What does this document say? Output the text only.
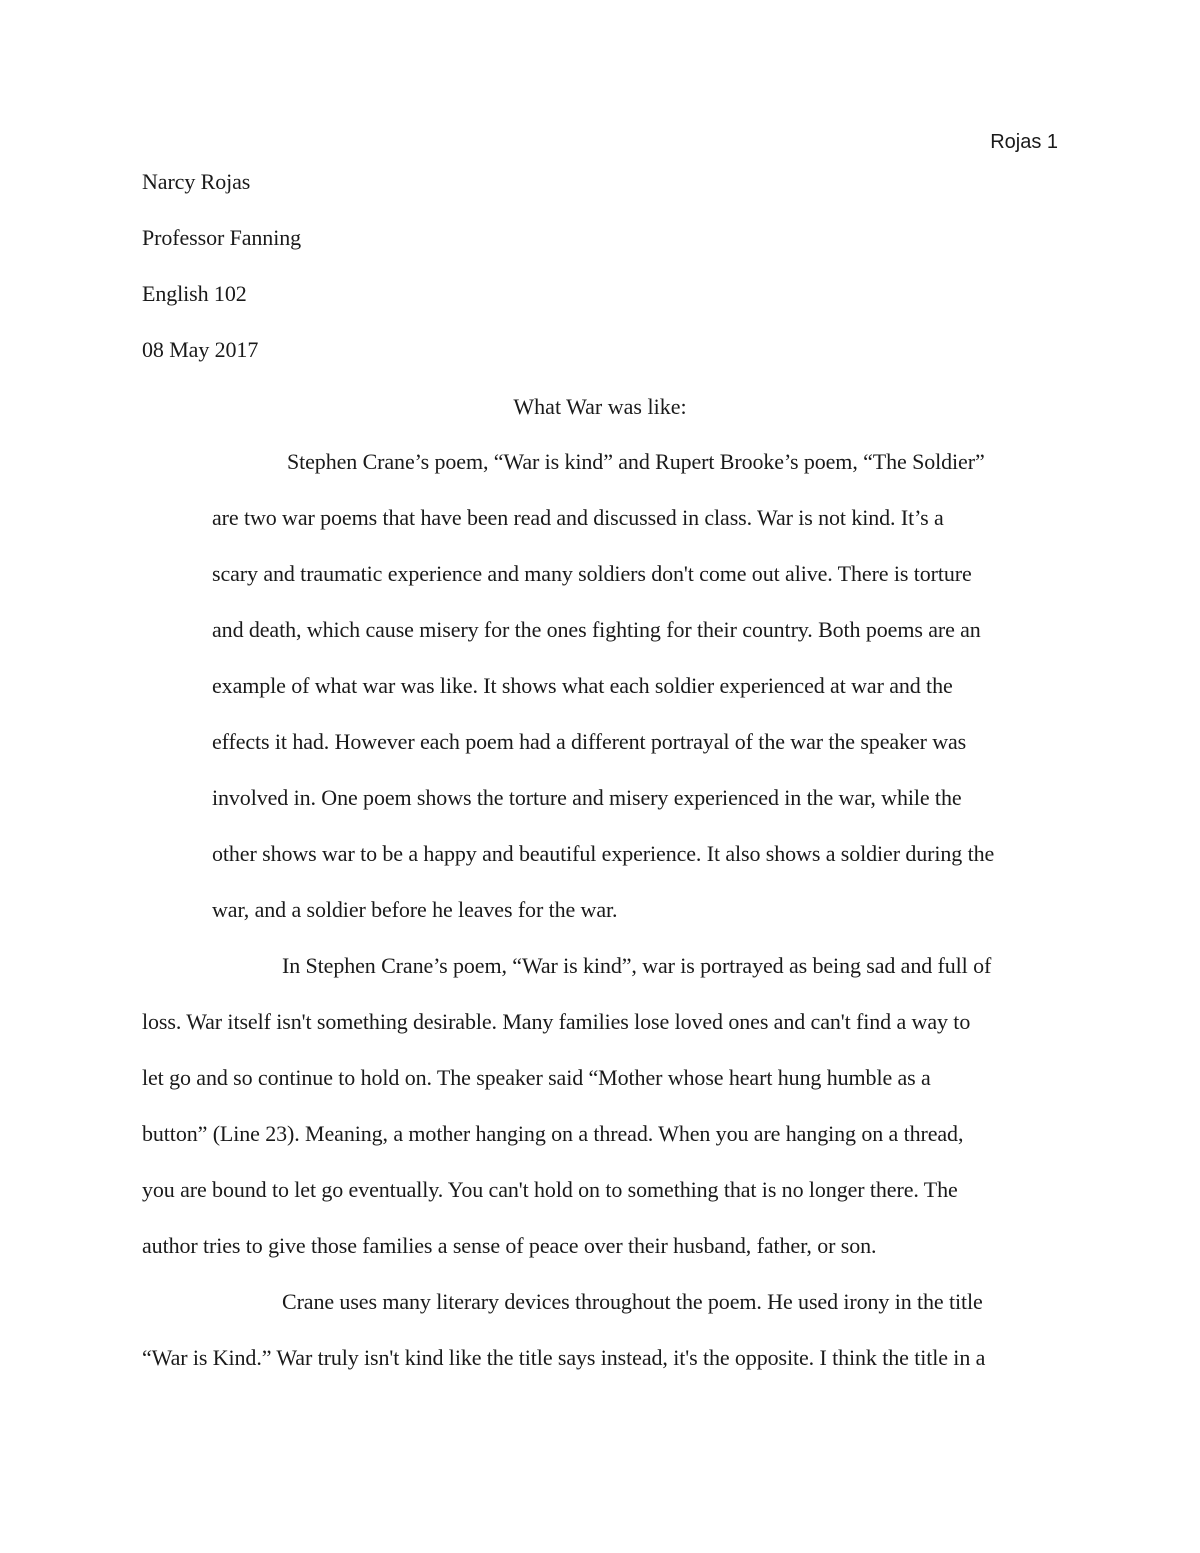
Rojas 1
Narcy Rojas
Professor Fanning
English 102
08 May 2017
What War was like:
Stephen Crane’s poem, “War is kind” and Rupert Brooke’s poem, “The Soldier”
are two war poems that have been read and discussed in class. War is not kind. It’s a
scary and traumatic experience and many soldiers don't come out alive. There is torture
and death, which cause misery for the ones fighting for their country. Both poems are an
example of what war was like. It shows what each soldier experienced at war and the
effects it had. However each poem had a different portrayal of the war the speaker was
involved in. One poem shows the torture and misery experienced in the war, while the
other shows war to be a happy and beautiful experience. It also shows a soldier during the
war, and a soldier before he leaves for the war.
In Stephen Crane’s poem, “War is kind”, war is portrayed as being sad and full of
loss. War itself isn't something desirable. Many families lose loved ones and can't find a way to
let go and so continue to hold on. The speaker said “Mother whose heart hung humble as a
button” (Line 23). Meaning, a mother hanging on a thread. When you are hanging on a thread,
you are bound to let go eventually. You can't hold on to something that is no longer there. The
author tries to give those families a sense of peace over their husband, father, or son.
Crane uses many literary devices throughout the poem. He used irony in the title
“War is Kind.” War truly isn't kind like the title says instead, it's the opposite. I think the title in a
